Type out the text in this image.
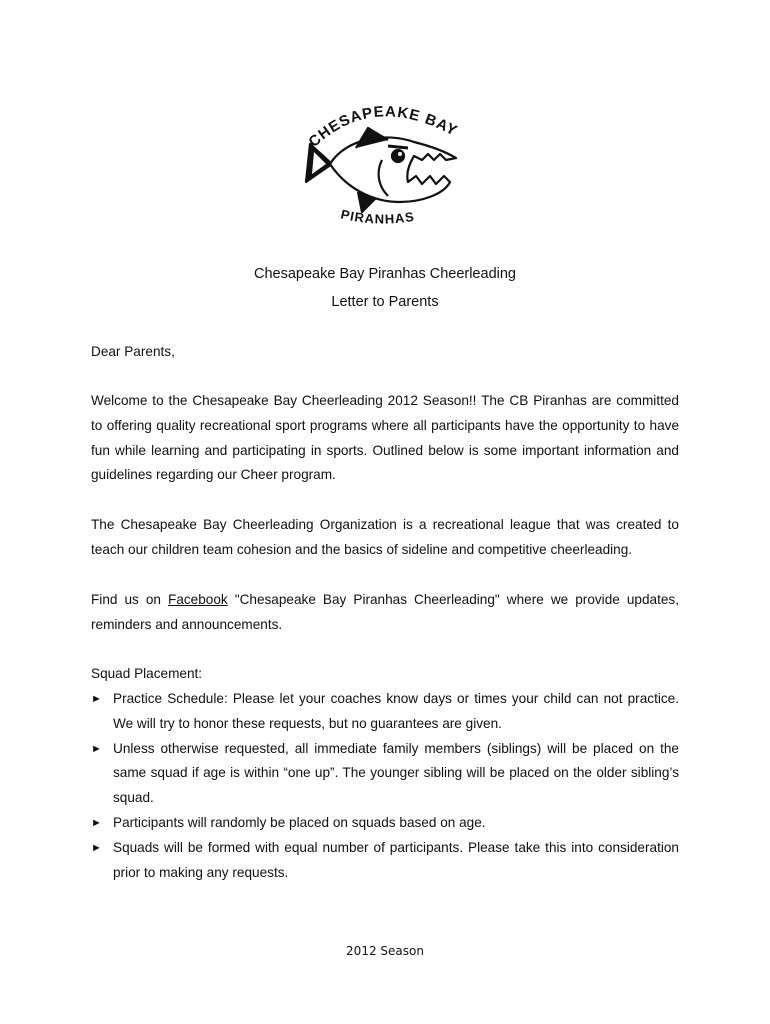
CHESAPEAKE BAY
PIRANHAS
Chesapeake Bay Piranhas Cheerleading
Letter to Parents

Dear Parents,

Welcome to the Chesapeake Bay Cheerleading 2012 Season!! The CB Piranhas are committed to offering quality recreational sport programs where all participants have the opportunity to have fun while learning and participating in sports. Outlined below is some important information and guidelines regarding our Cheer program.

The Chesapeake Bay Cheerleading Organization is a recreational league that was created to teach our children team cohesion and the basics of sideline and competitive cheerleading.

Find us on Facebook "Chesapeake Bay Piranhas Cheerleading" where we provide updates, reminders and announcements.

Squad Placement:

► Practice Schedule: Please let your coaches know days or times your child can not practice. We will try to honor these requests, but no guarantees are given.
► Unless otherwise requested, all immediate family members (siblings) will be placed on the same squad if age is within “one up”. The younger sibling will be placed on the older sibling’s squad.
► Participants will randomly be placed on squads based on age.
► Squads will be formed with equal number of participants. Please take this into consideration prior to making any requests.

2012 Season
